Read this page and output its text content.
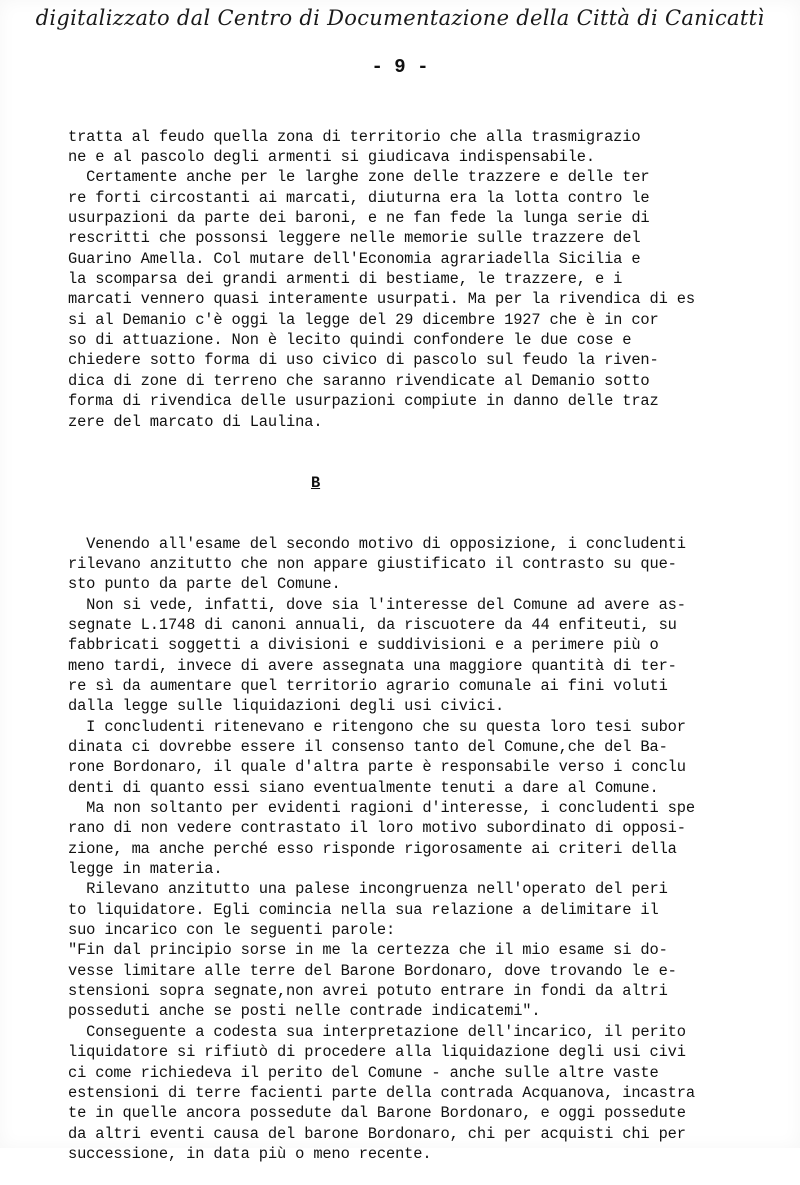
digitalizzato dal Centro di Documentazione della Città di Canicattì
- 9 -

tratta al feudo quella zona di territorio che alla trasmigrazio
ne e al pascolo degli armenti si giudicava indispensabile.
Certamente anche per le larghe zone delle trazzere e delle ter
re forti circostanti ai marcati, diuturna era la lotta contro le
usurpazioni da parte dei baroni, e ne fan fede la lunga serie di
rescritti che possonsi leggere nelle memorie sulle trazzere del
Guarino Amella. Col mutare dell'Economia agrariadella Sicilia e
la scomparsa dei grandi armenti di bestiame, le trazzere, e i
marcati vennero quasi interamente usurpati. Ma per la rivendica di es
si al Demanio c'è oggi la legge del 29 dicembre 1927 che è in cor
so di attuazione. Non è lecito quindi confondere le due cose e
chiedere sotto forma di uso civico di pascolo sul feudo la riven-
dica di zone di terreno che saranno rivendicate al Demanio sotto
forma di rivendica delle usurpazioni compiute in danno delle traz
zere del marcato di Laulina.

B

Venendo all'esame del secondo motivo di opposizione, i concludenti
rilevano anzitutto che non appare giustificato il contrasto su que-
sto punto da parte del Comune.
Non si vede, infatti, dove sia l'interesse del Comune ad avere as-
segnate L.1748 di canoni annuali, da riscuotere da 44 enfiteuti, su
fabbricati soggetti a divisioni e suddivisioni e a perimere più o
meno tardi, invece di avere assegnata una maggiore quantità di ter-
re sì da aumentare quel territorio agrario comunale ai fini voluti
dalla legge sulle liquidazioni degli usi civici.
I concludenti ritenevano e ritengono che su questa loro tesi subor
dinata ci dovrebbe essere il consenso tanto del Comune,che del Ba-
rone Bordonaro, il quale d'altra parte è responsabile verso i conclu
denti di quanto essi siano eventualmente tenuti a dare al Comune.
Ma non soltanto per evidenti ragioni d'interesse, i concludenti spe
rano di non vedere contrastato il loro motivo subordinato di opposi-
zione, ma anche perché esso risponde rigorosamente ai criteri della
legge in materia.
Rilevano anzitutto una palese incongruenza nell'operato del peri
to liquidatore. Egli comincia nella sua relazione a delimitare il
suo incarico con le seguenti parole:
"Fin dal principio sorse in me la certezza che il mio esame si do-
vesse limitare alle terre del Barone Bordonaro, dove trovando le e-
stensioni sopra segnate,non avrei potuto entrare in fondi da altri
posseduti anche se posti nelle contrade indicatemi".
Conseguente a codesta sua interpretazione dell'incarico, il perito
liquidatore si rifiutò di procedere alla liquidazione degli usi civi
ci come richiedeva il perito del Comune - anche sulle altre vaste
estensioni di terre facienti parte della contrada Acquanova, incastra
te in quelle ancora possedute dal Barone Bordonaro, e oggi possedute
da altri eventi causa del barone Bordonaro, chi per acquisti chi per
successione, in data più o meno recente.
